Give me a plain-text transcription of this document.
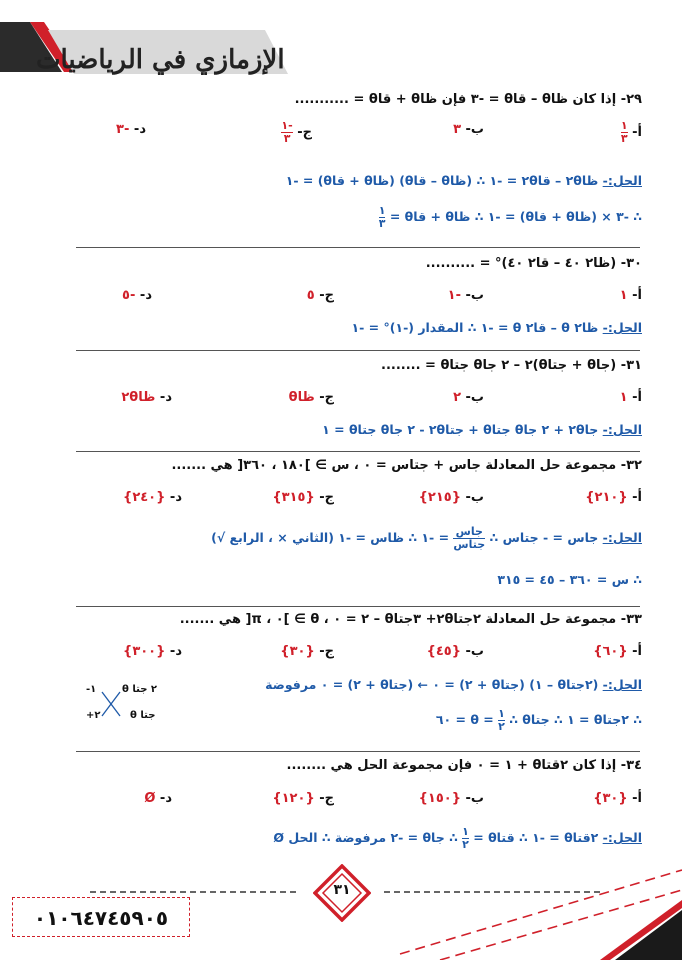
الإزمازي في الرياضيات
٢٩- إذا كان ظاθ – قاθ = -٣ فإن ظاθ + قاθ = ...........
أ-
$\frac{١}{٣}$
ب- ٣
ج-
$\frac{-١}{٣}$
د- -٣
الحل:- ظا٢θ – قا٢θ = -١ ∴ (ظاθ – قاθ) (ظاθ + قاθ) = -١
∴ -٣ × (ظاθ + قاθ) = -١ ∴ ظاθ + قاθ =
$\frac{١}{٣}$
٣٠- (ظا٢ ٤٠ – قا٢ ٤٠)° = ..........
أ- ١
ب- -١
ج- ٥
د- -٥
الحل:- ظا٢ θ – قا٢ θ = -١ ∴ المقدار (-١)° = -١
٣١- (جاθ + جتاθ)٢ – ٢ جاθ جتاθ = ........
أ- ١
ب- ٢
ج- ظاθ
د- ظا٢θ
الحل:- جا٢θ + ٢ جاθ جتاθ + جتا٢θ - ٢ جاθ جتاθ = ١
٣٢- مجموعة حل المعادلة جاس + جتاس = ٠ ، س ∋ ]١٨٠ ، ٣٦٠[ هي .......
أ- {٢١٠}
ب- {٢١٥}
ج- {٣١٥}
د- {٢٤٠}
الحل:- جاس = - جتاس ∴
$\frac{\text{جاس}}{\text{جتاس}}$
= -١ ∴ ظاس = -١ (الثاني × ، الرابع √)
∴ س = ٣٦٠ – ٤٥ = ٣١٥
٣٣- مجموعة حل المعادلة ٢جتا٢θ+ ٣جتاθ – ٢ = ٠ ، θ ∋ ]٠ ، π[ هي .......
أ- {٦٠}
ب- {٤٥}
ج- {٣٠}
د- {٣٠٠}
الحل:- (٢جتاθ – ١) (جتاθ + ٢) = ٠ ← (جتاθ + ٢) = ٠ مرفوضة
∴ ٢جتاθ = ١ ∴ جتاθ =
$\frac{١}{٢}$
∴ θ = ٦٠
٢ جتا θ
جتا θ
-١
+٢
٣٤- إذا كان ٢قتاθ + ١ = ٠ فإن مجموعة الحل هي ........
أ- {٣٠}
ب- {١٥٠}
ج- {١٢٠}
د- Ø
الحل:- ٢قتاθ = -١ ∴ قتاθ =
$\frac{١}{٢}$
∴ جاθ = -٢ مرفوضة ∴ الحل Ø
٣١
٠١٠٦٤٧٤٥٩٠٥
